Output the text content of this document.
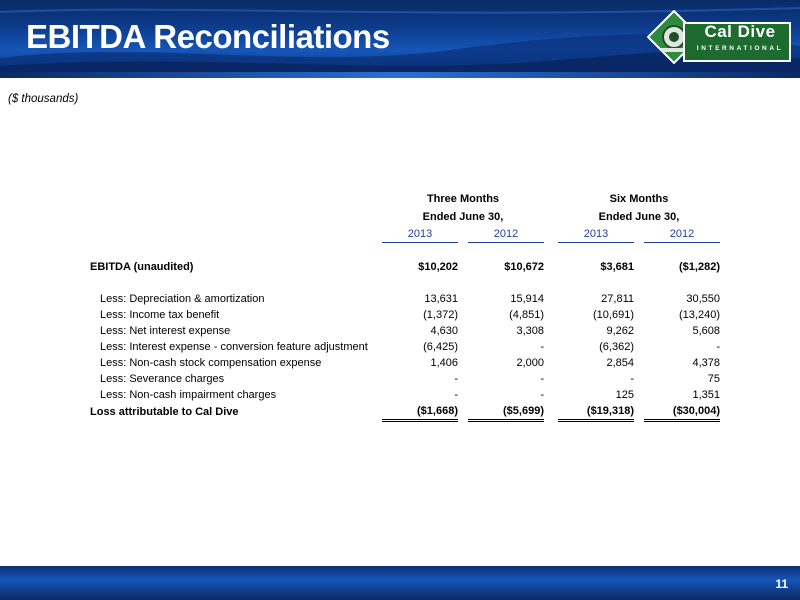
EBITDA Reconciliations	Cal Dive
INTERNATIONAL
($ thousands)
	Three Months				Six Months		
	Ended June 30,				Ended June 30,		
	2013		2012		2013		2012

EBITDA (unaudited)	$10,202		$10,672		$3,681		($1,282)

Less: Depreciation & amortization	13,631		15,914		27,811		30,550
Less: Income tax benefit	(1,372)		(4,851)		(10,691)		(13,240)
Less: Net interest expense	4,630		3,308		9,262		5,608
Less: Interest expense - conversion feature adjustment	(6,425)		-		(6,362)		-
Less: Non-cash stock compensation expense	1,406		2,000		2,854		4,378
Less: Severance charges	-		-		-		75
Less: Non-cash impairment charges	-		-		125		1,351
Loss attributable to Cal Dive	($1,668)		($5,699)		($19,318)		($30,004)
11
